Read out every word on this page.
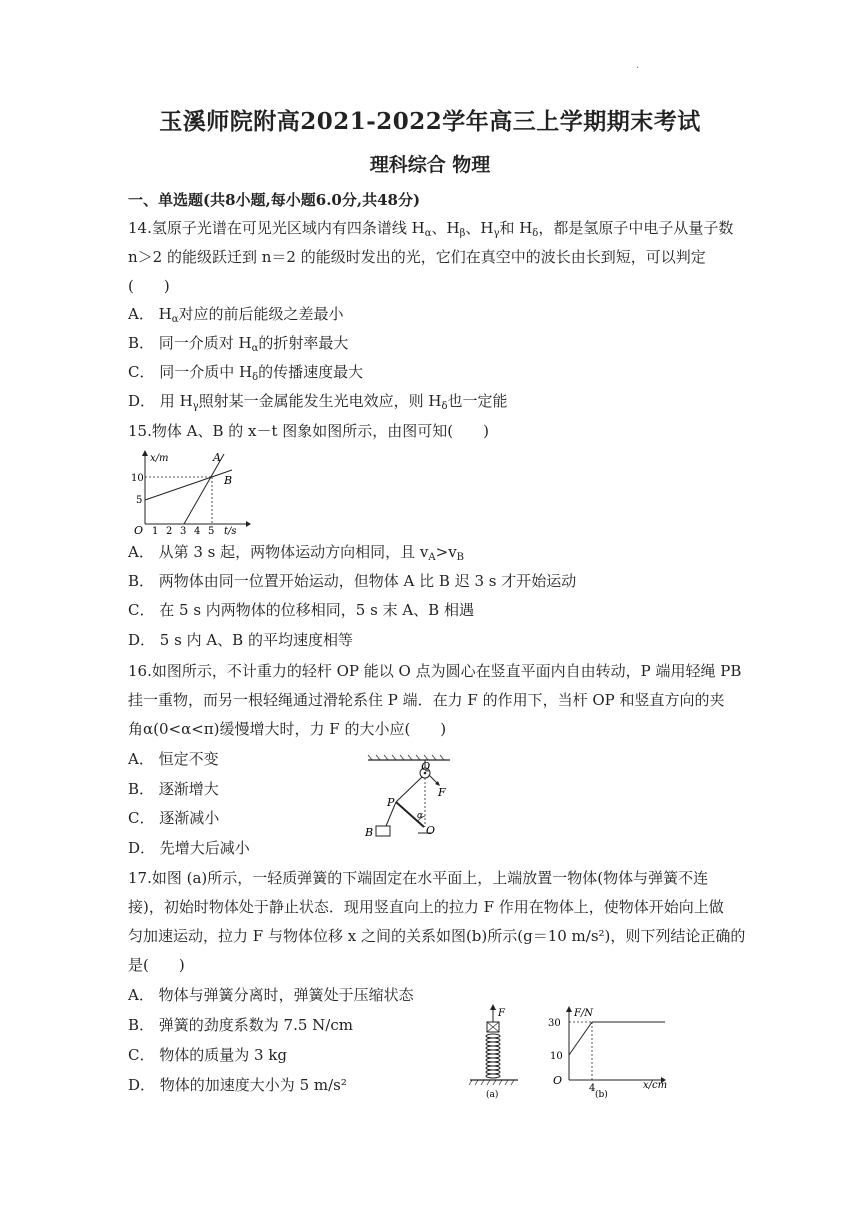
.
玉溪师院附高2021-2022学年高三上学期期末考试
理科综合 物理
一、单选题(共8小题,每小题6.0分,共48分)
14.氢原子光谱在可见光区域内有四条谱线 $H_\alpha$、$H_\beta$、$H_\gamma$和 $H_\delta$，都是氢原子中电子从量子数
n＞2 的能级跃迁到 n＝2 的能级时发出的光，它们在真空中的波长由长到短，可以判定
(　　)
A． $H_\alpha$对应的前后能级之差最小
B． 同一介质对 $H_\alpha$的折射率最大
C． 同一介质中 $H_\delta$的传播速度最大
D． 用 $H_\gamma$照射某一金属能发生光电效应，则 $H_\delta$也一定能
15.物体 A、B 的 x－t 图象如图所示，由图可知(　　)
x/m
t/s
O
10
5
1 2 3 4 5
A
B
A． 从第 3 s 起，两物体运动方向相同，且 $v_A>v_B$
B． 两物体由同一位置开始运动，但物体 A 比 B 迟 3 s 才开始运动
C． 在 5 s 内两物体的位移相同，5 s 末 A、B 相遇
D． 5 s 内 A、B 的平均速度相等
16.如图所示，不计重力的轻杆 OP 能以 O 点为圆心在竖直平面内自由转动，P 端用轻绳 PB
挂一重物，而另一根轻绳通过滑轮系住 P 端．在力 F 的作用下，当杆 OP 和竖直方向的夹
角α(0<α<π)缓慢增大时，力 F 的大小应(　　)
A． 恒定不变
B． 逐渐增大
C． 逐渐减小
D． 先增大后减小
Q
F
P
B	O
α
17.如图 (a)所示，一轻质弹簧的下端固定在水平面上，上端放置一物体(物体与弹簧不连
接)，初始时物体处于静止状态．现用竖直向上的拉力 F 作用在物体上，使物体开始向上做
匀加速运动，拉力 F 与物体位移 x 之间的关系如图(b)所示(g＝10 m/s²)，则下列结论正确的
是(　　)
A． 物体与弹簧分离时，弹簧处于压缩状态
B． 弹簧的劲度系数为 7.5 N/cm
C． 物体的质量为 3 kg
D． 物体的加速度大小为 5 m/s²
F
(a)
F/N
x/cm
O
30
10
4
(b)
